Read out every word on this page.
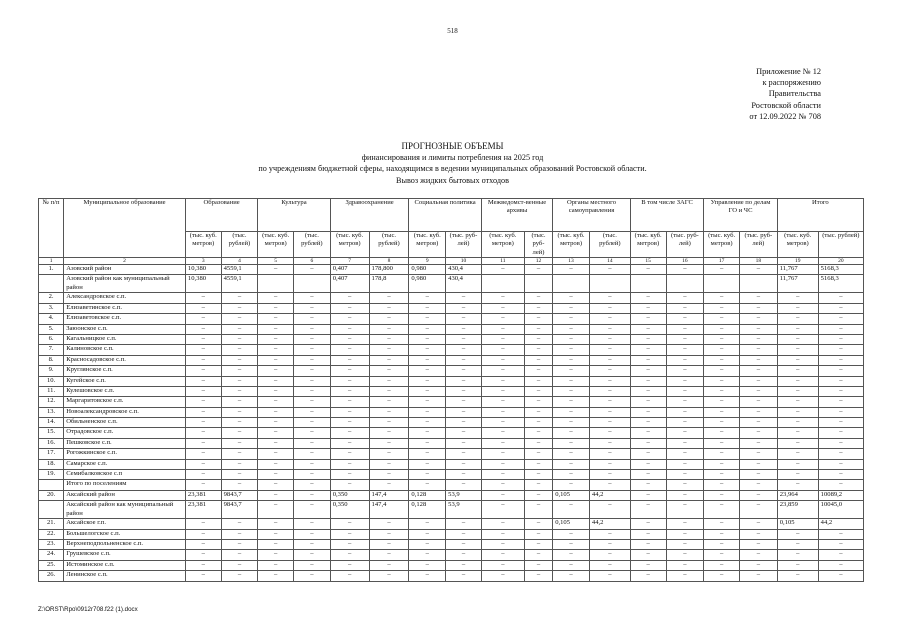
518
Приложение № 12
к распоряжению
Правительства
Ростовской области
от 12.09.2022 № 708
ПРОГНОЗНЫЕ ОБЪЕМЫ
финансирования и лимиты потребления на 2025 год
по учреждениям бюджетной сферы, находящимся в ведении муниципальных образований Ростовской области.
Вывоз жидких бытовых отходов
№ п/п	Муниципальное образование	Образование		Культура		Здравоохранение		Социальная политика		Межведомст-венные архивы		Органы местного самоуправления		В том числе ЗАГС		Управление по делам ГО и ЧС		Итого	
		(тыс. куб. метров)	(тыс. рублей)	(тыс. куб. метров)	(тыс. рублей)	(тыс. куб. метров)	(тыс. рублей)	(тыс. куб. метров)	(тыс. руб-лей)	(тыс. куб. метров)	(тыс. руб-лей)	(тыс. куб. метров)	(тыс. рублей)	(тыс. куб. метров)	(тыс. руб-лей)	(тыс. куб. метров)	(тыс. руб-лей)	(тыс. куб. метров)	(тыс. рублей)
1	2	3	4	5	6	7	8	9	10	11	12	13	14	15	16	17	18	19	20
1.	Азовский район	10,380	4559,1	–	–	0,407	178,800	0,980	430,4	–	–	–	–	–	–	–	–	11,767	5168,3
	Азовский район как муниципальный район	10,380	4559,1			0,407	178,8	0,980	430,4									11,767	5168,3
2.	Александровское с.п.	–	–	–	–	–	–	–	–	–	–	–	–	–	–	–	–	–	–
3.	Елизаветинское с.п.	–	–	–	–	–	–	–	–	–	–	–	–	–	–	–	–	–	–
4.	Елизаветовское с.п.	–	–	–	–	–	–	–	–	–	–	–	–	–	–	–	–	–	–
5.	Заюонское с.п.	–	–	–	–	–	–	–	–	–	–	–	–	–	–	–	–	–	–
6.	Кагальницкое с.п.	–	–	–	–	–	–	–	–	–	–	–	–	–	–	–	–	–	–
7.	Калиновское с.п.	–	–	–	–	–	–	–	–	–	–	–	–	–	–	–	–	–	–
8.	Красносадовское с.п.	–	–	–	–	–	–	–	–	–	–	–	–	–	–	–	–	–	–
9.	Круглянское с.п.	–	–	–	–	–	–	–	–	–	–	–	–	–	–	–	–	–	–
10.	Кугейское с.п.	–	–	–	–	–	–	–	–	–	–	–	–	–	–	–	–	–	–
11.	Кулешовское с.п.	–	–	–	–	–	–	–	–	–	–	–	–	–	–	–	–	–	–
12.	Маргаритовское с.п.	–	–	–	–	–	–	–	–	–	–	–	–	–	–	–	–	–	–
13.	Новоалександровское с.п.	–	–	–	–	–	–	–	–	–	–	–	–	–	–	–	–	–	–
14.	Обильненское с.п.	–	–	–	–	–	–	–	–	–	–	–	–	–	–	–	–	–	–
15.	Отрадовское с.п.	–	–	–	–	–	–	–	–	–	–	–	–	–	–	–	–	–	–
16.	Пешковское с.п.	–	–	–	–	–	–	–	–	–	–	–	–	–	–	–	–	–	–
17.	Рогожкинское с.п.	–	–	–	–	–	–	–	–	–	–	–	–	–	–	–	–	–	–
18.	Самарское с.п.	–	–	–	–	–	–	–	–	–	–	–	–	–	–	–	–	–	–
19.	Семибалковское с.п	–	–	–	–	–	–	–	–	–	–	–	–	–	–	–	–	–	–
	Итого по поселениям	–	–	–	–	–	–	–	–	–	–	–	–	–	–	–	–	–	–
20.	Аксайский район	23,381	9843,7	–	–	0,350	147,4	0,128	53,9	–	–	0,105	44,2	–	–	–	–	23,964	10089,2
	Аксайский район как муниципальный район	23,381	9843,7	–	–	0,350	147,4	0,128	53,9	–	–	–	–	–	–	–	–	23,859	10045,0
21.	Аксайское г.п.	–	–	–	–	–	–	–	–	–	–	0,105	44,2	–	–	–	–	0,105	44,2
22.	Большелогское с.п.	–	–	–	–	–	–	–	–	–	–	–	–	–	–	–	–	–	–
23.	Верхнеподпольненское с.п.	–	–	–	–	–	–	–	–	–	–	–	–	–	–	–	–	–	–
24.	Грушевское с.п.	–	–	–	–	–	–	–	–	–	–	–	–	–	–	–	–	–	–
25.	Истоминское с.п.	–	–	–	–	–	–	–	–	–	–	–	–	–	–	–	–	–	–
26.	Ленинское с.п.	–	–	–	–	–	–	–	–	–	–	–	–	–	–	–	–	–	–
Z:\ORST\Rpo\0912r708.f22 (1).docx
